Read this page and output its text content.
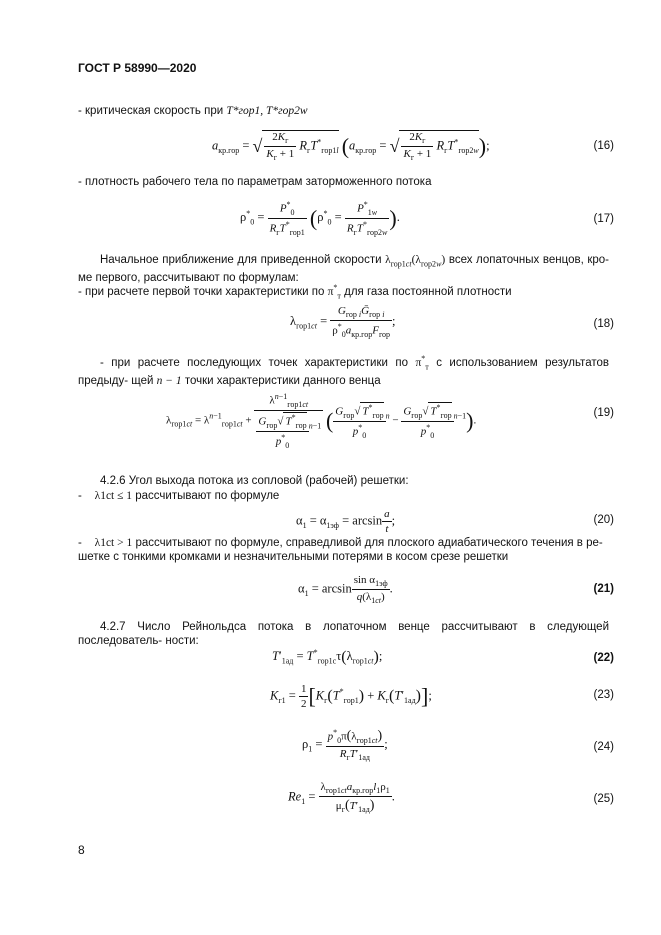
ГОСТ Р 58990—2020
- критическая скорость при T*гор1, T*гор2w
$a_{кр.гор}$ = √ $\frac{2K_г}{K_г + 1} R_гT^*_{гор1l}$ ($a_{кр.гор}$ = √ $\frac{2K_г}{K_г + 1} R_гT^*_{гор2w}$);	(16)
- плотность рабочего тела по параметрам заторможенного потока
$\rho^*_0 = \frac{P^*_0}{R_гT^*_{гор1}} (\rho^*_0 = \frac{P^*_{1w}}{R_гT^*_{гор2w}}$ ).	(17)
Начальное приближение для приведенной скорости $\lambda_{гор1ct}(\lambda_{гор2w})$ всех лопаточных венцов, кро- ме первого, рассчитывают по формулам:
- при расчете первой точки характеристики по $\pi^*_т$ для газа постоянной плотности
$\lambda_{гор1ct} = \frac{G_{гор i}Ḡ_{гор i}}{\rho^*_0a_{кр.гор}F_{гор}}$ ;	(18)
- при расчете последующих точек характеристики по $\pi^*_т$ с использованием результатов предыду- щей n − 1 точки характеристики данного венца
$\lambda_{гор1ct} = \lambda^{n-1}_{гор1ct} + \frac{\lambda^{n-1}_{гор1ct}}{\frac{G_{гор}√ T^*_{гор}}{p^*_0} ^{n-1}}$ ( $\frac{G_{гор}√ T^*_{гор}}{p^*_0} ^n - \frac{G_{гор}√ T^*_{гор}}{p^*_0} ^{n-1}$).
(19)
4.2.6 Угол выхода потока из сопловой (рабочей) решетки:
- λ1ct ≤ 1 рассчитывают по формуле
$\alpha_1 = \alpha_{1эф} = \arcsin \frac{a}{t}$ ;	(20)
- λ1ct > 1 рассчитывают по формуле, справедливой для плоского адиабатического течения в ре-
шетке с тонкими кромками и незначительными потерями в косом срезе решетки
$\alpha_1 = \arcsin \frac{\sin \alpha_{1эф}}{q(\lambda_{1ct})}$ .	(21)
4.2.7 Число Рейнольдса потока в лопаточном венце рассчитывают в следующей последователь- ности:
$T'_{1ад} = T^*_{гор1с}\tau(\lambda_{гор1ct})$;	(22)
$K_{г1} = \frac{1}{2} [K_г(T^*_{гор1}) + K_г(T'_{1ад})]$;	(23)
$\rho_1 = \frac{p^*_0\pi(\lambda_{гор1ct})}{R_гT'_{1ад}}$ ;	(24)
$Re_1 = \frac{\lambda_{гор1ct}a_{кр.гор}l_1\rho_1}{\mu_г(T'_{1ад})}$ .	(25)
8
